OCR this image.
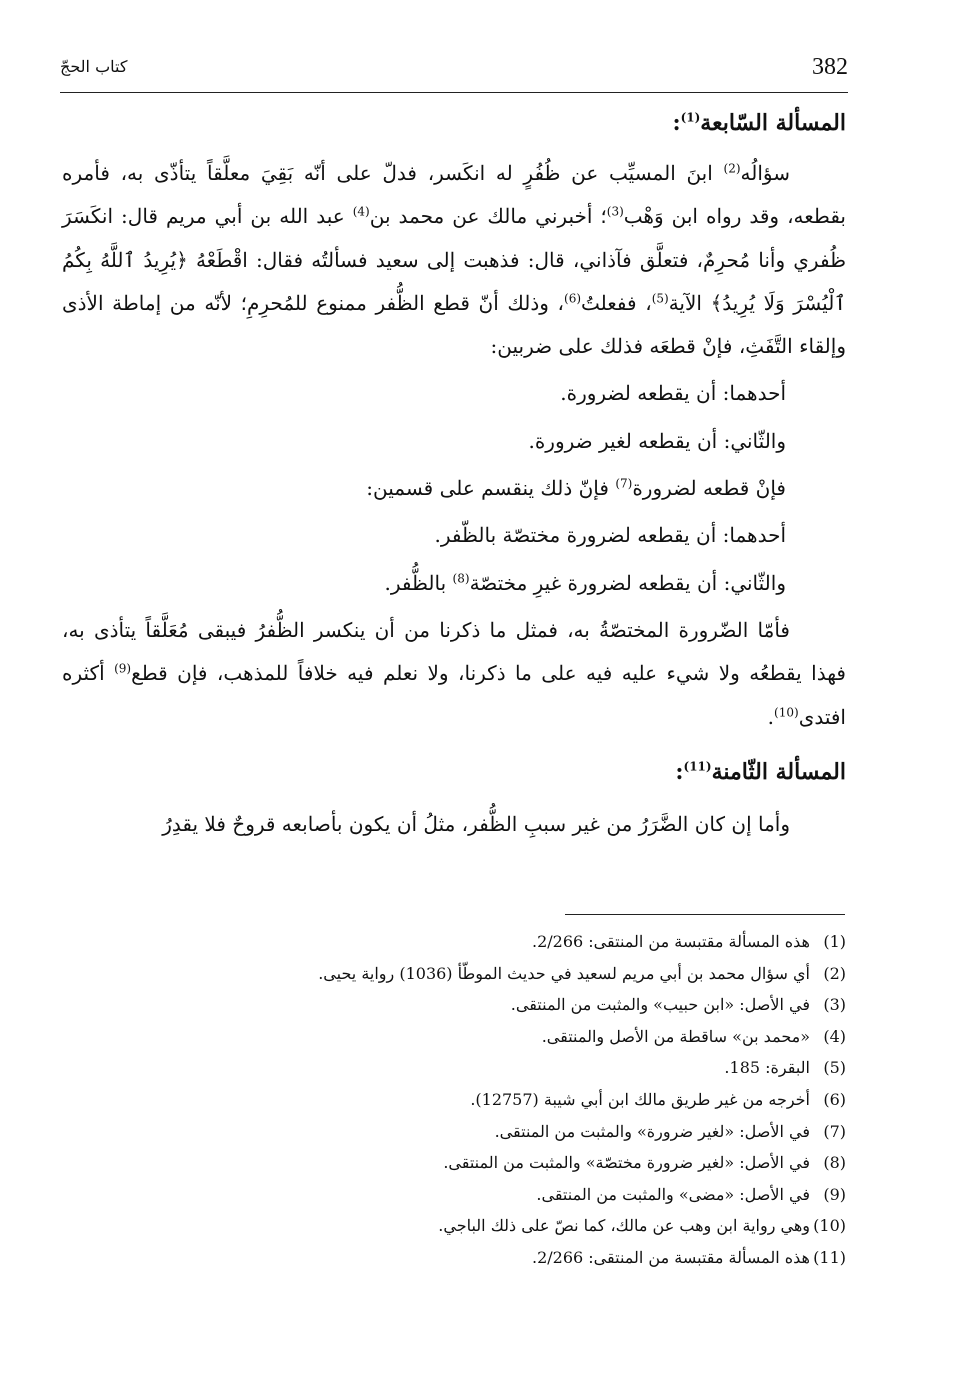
382
كتاب الحجّ

المسألة السّابعة$^{(1)}$:

سؤالُه$^{(2)}$ ابنَ المسيِّب عن ظُفُرٍ له انكَسر، فدلّ على أنّه بَقِيَ معلَّقاً يتأذّى به، فأمره بقطعه، وقد رواه ابن وَهْب$^{(3)}$؛ أخبرني مالك عن محمد بن$^{(4)}$ عبد الله بن أبي مريم قال: انكَسَرَ ظُفري وأنا مُحرِمٌ، فتعلَّق فآذاني، قال: فذهبت إلى سعيد فسألتُه فقال: اقْطَعْهُ ﴿يُرِيدُ ٱللَّهُ بِكُمُ ٱلْيُسْرَ وَلَا يُرِيدُ﴾ الآية$^{(5)}$، ففعلتُ$^{(6)}$، وذلك أنّ قطع الظُّفر ممنوع للمُحرِمِ؛ لأنّه من إماطة الأذى وإلقاء التَّفَثِ، فإنْ قطعَه فذلك على ضربين:

أحدهما: أن يقطعه لضرورة.

والثّاني: أن يقطعه لغير ضرورة.

فإنْ قطعه لضرورة$^{(7)}$ فإنّ ذلك ينقسم على قسمين:

أحدهما: أن يقطعه لضرورة مختصّة بالظّفر.

والثّاني: أن يقطعه لضرورة غيرِ مختصّة$^{(8)}$ بالظُّفر.

فأمّا الضّرورة المختصّةُ به، فمثل ما ذكرنا من أن ينكسر الظُّفرُ فيبقى مُعَلَّقاً يتأذى به، فهذا يقطعُه ولا شيء عليه فيه على ما ذكرنا، ولا نعلم فيه خلافاً للمذهب، فإن قطع$^{(9)}$ أكثره افتدى$^{(10)}$.

المسألة الثّامنة$^{(11)}$:

وأما إن كان الضَّرَرُ من غير سببِ الظُّفر، مثلُ أن يكون بأصابعه قروحٌ فلا يقدِرُ

(1)هذه المسألة مقتبسة من المنتقى: 2/266.
(2)أي سؤال محمد بن أبي مريم لسعيد في حديث الموطّأ (1036) رواية يحيى.
(3)في الأصل: «ابن حبيب» والمثبت من المنتقى.
(4)«محمد بن» ساقطة من الأصل والمنتقى.
(5)البقرة: 185.
(6)أخرجه من غير طريق مالك ابن أبي شيبة (12757).
(7)في الأصل: «لغير ضرورة» والمثبت من المنتقى.
(8)في الأصل: «لغير ضرورة مختصّة» والمثبت من المنتقى.
(9)في الأصل: «مضى» والمثبت من المنتقى.
(10)وهي رواية ابن وهب عن مالك، كما نصّ على ذلك الباجي.
(11)هذه المسألة مقتبسة من المنتقى: 2/266.
